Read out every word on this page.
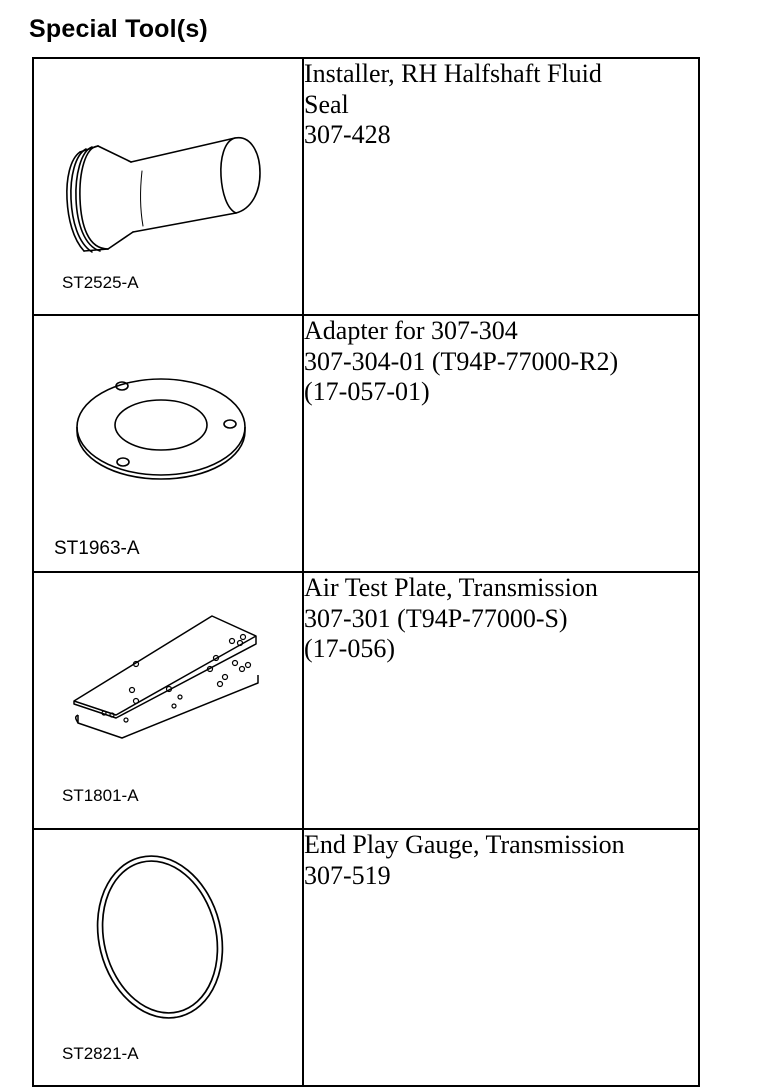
Special Tool(s)
ST2525-A	Installer, RH Halfshaft Fluid
Seal
307-428

ST1963-A	Adapter for 307-304
307-304-01 (T94P-77000-R2)
(17-057-01)

ST1801-A	Air Test Plate, Transmission
307-301 (T94P-77000-S)
(17-056)

ST2821-A	End Play Gauge, Transmission
307-519
